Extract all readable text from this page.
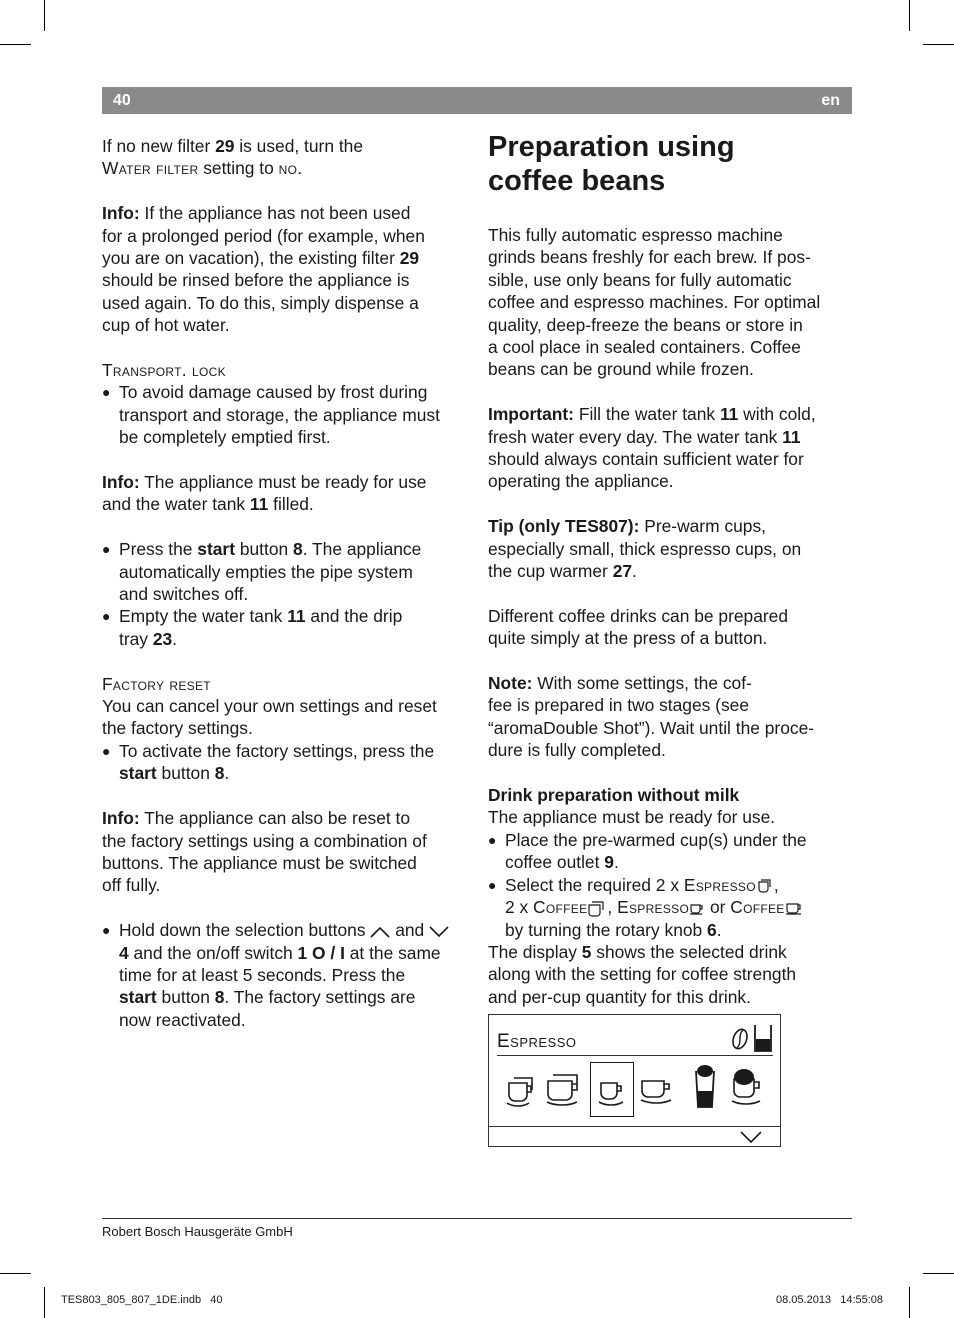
40	en

If no new filter 29 is used, turn the
Water filter setting to no.

Info: If the appliance has not been used
for a prolonged period (for example, when
you are on vacation), the existing filter 29
should be rinsed before the appliance is
used again. To do this, simply dispense a
cup of hot water.

Transport. lock

● To avoid damage caused by frost during
transport and storage, the appliance must
be completely emptied first.

Info: The appliance must be ready for use
and the water tank 11 filled.

● Press the start button 8. The appliance
automatically empties the pipe system
and switches off.

● Empty the water tank 11 and the drip
tray 23.

Factory reset

You can cancel your own settings and reset
the factory settings.

● To activate the factory settings, press the
start button 8.

Info: The appliance can also be reset to
the factory settings using a combination of
buttons. The appliance must be switched
off fully.

● Hold down the selection buttons  and
4 and the on/off switch 1 O / I at the same
time for at least 5 seconds. Press the
start button 8. The factory settings are
now reactivated.

Preparation using
coffee beans

This fully automatic espresso machine
grinds beans freshly for each brew. If pos-
sible, use only beans for fully automatic
coffee and espresso machines. For optimal
quality, deep-freeze the beans or store in
a cool place in sealed containers. Coffee
beans can be ground while frozen.

Important: Fill the water tank 11 with cold,
fresh water every day. The water tank 11
should always contain sufficient water for
operating the appliance.

Tip (only TES807): Pre-warm cups,
especially small, thick espresso cups, on
the cup warmer 27.

Different coffee drinks can be prepared
quite simply at the press of a button.

Note: With some settings, the cof-
fee is prepared in two stages (see
“aromaDouble Shot”). Wait until the proce-
dure is fully completed.

Drink preparation without milk

The appliance must be ready for use.

● Place the pre-warmed cup(s) under the
coffee outlet 9.

● Select the required 2 x Espresso ,
2 x Coffee , Espresso or Coffee
by turning the rotary knob 6.

The display 5 shows the selected drink
along with the setting for coffee strength
and per-cup quantity for this drink.

Espresso
Robert Bosch Hausgeräte GmbH
TES803_805_807_1DE.indb   40	08.05.2013   14:55:08
